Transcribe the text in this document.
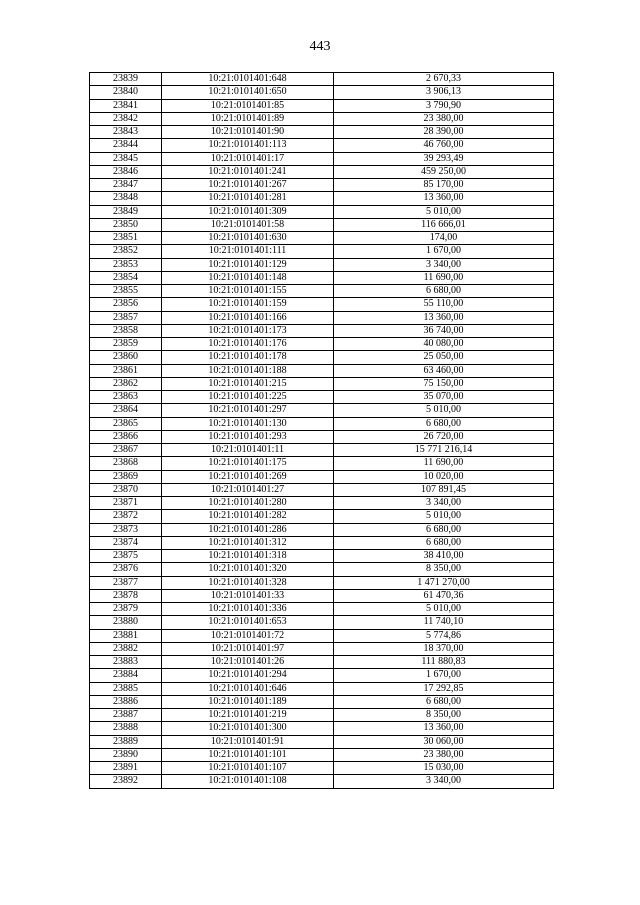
443
23839	10:21:0101401:648	2 670,33
23840	10:21:0101401:650	3 906,13
23841	10:21:0101401:85	3 790,90
23842	10:21:0101401:89	23 380,00
23843	10:21:0101401:90	28 390,00
23844	10:21:0101401:113	46 760,00
23845	10:21:0101401:17	39 293,49
23846	10:21:0101401:241	459 250,00
23847	10:21:0101401:267	85 170,00
23848	10:21:0101401:281	13 360,00
23849	10:21:0101401:309	5 010,00
23850	10:21:0101401:58	116 666,01
23851	10:21:0101401:630	174,00
23852	10:21:0101401:111	1 670,00
23853	10:21:0101401:129	3 340,00
23854	10:21:0101401:148	11 690,00
23855	10:21:0101401:155	6 680,00
23856	10:21:0101401:159	55 110,00
23857	10:21:0101401:166	13 360,00
23858	10:21:0101401:173	36 740,00
23859	10:21:0101401:176	40 080,00
23860	10:21:0101401:178	25 050,00
23861	10:21:0101401:188	63 460,00
23862	10:21:0101401:215	75 150,00
23863	10:21:0101401:225	35 070,00
23864	10:21:0101401:297	5 010,00
23865	10:21:0101401:130	6 680,00
23866	10:21:0101401:293	26 720,00
23867	10:21:0101401:11	15 771 216,14
23868	10:21:0101401:175	11 690,00
23869	10:21:0101401:269	10 020,00
23870	10:21:0101401:27	107 891,45
23871	10:21:0101401:280	3 340,00
23872	10:21:0101401:282	5 010,00
23873	10:21:0101401:286	6 680,00
23874	10:21:0101401:312	6 680,00
23875	10:21:0101401:318	38 410,00
23876	10:21:0101401:320	8 350,00
23877	10:21:0101401:328	1 471 270,00
23878	10:21:0101401:33	61 470,36
23879	10:21:0101401:336	5 010,00
23880	10:21:0101401:653	11 740,10
23881	10:21:0101401:72	5 774,86
23882	10:21:0101401:97	18 370,00
23883	10:21:0101401:26	111 880,83
23884	10:21:0101401:294	1 670,00
23885	10:21:0101401:646	17 292,85
23886	10:21:0101401:189	6 680,00
23887	10:21:0101401:219	8 350,00
23888	10:21:0101401:300	13 360,00
23889	10:21:0101401:91	30 060,00
23890	10:21:0101401:101	23 380,00
23891	10:21:0101401:107	15 030,00
23892	10:21:0101401:108	3 340,00
